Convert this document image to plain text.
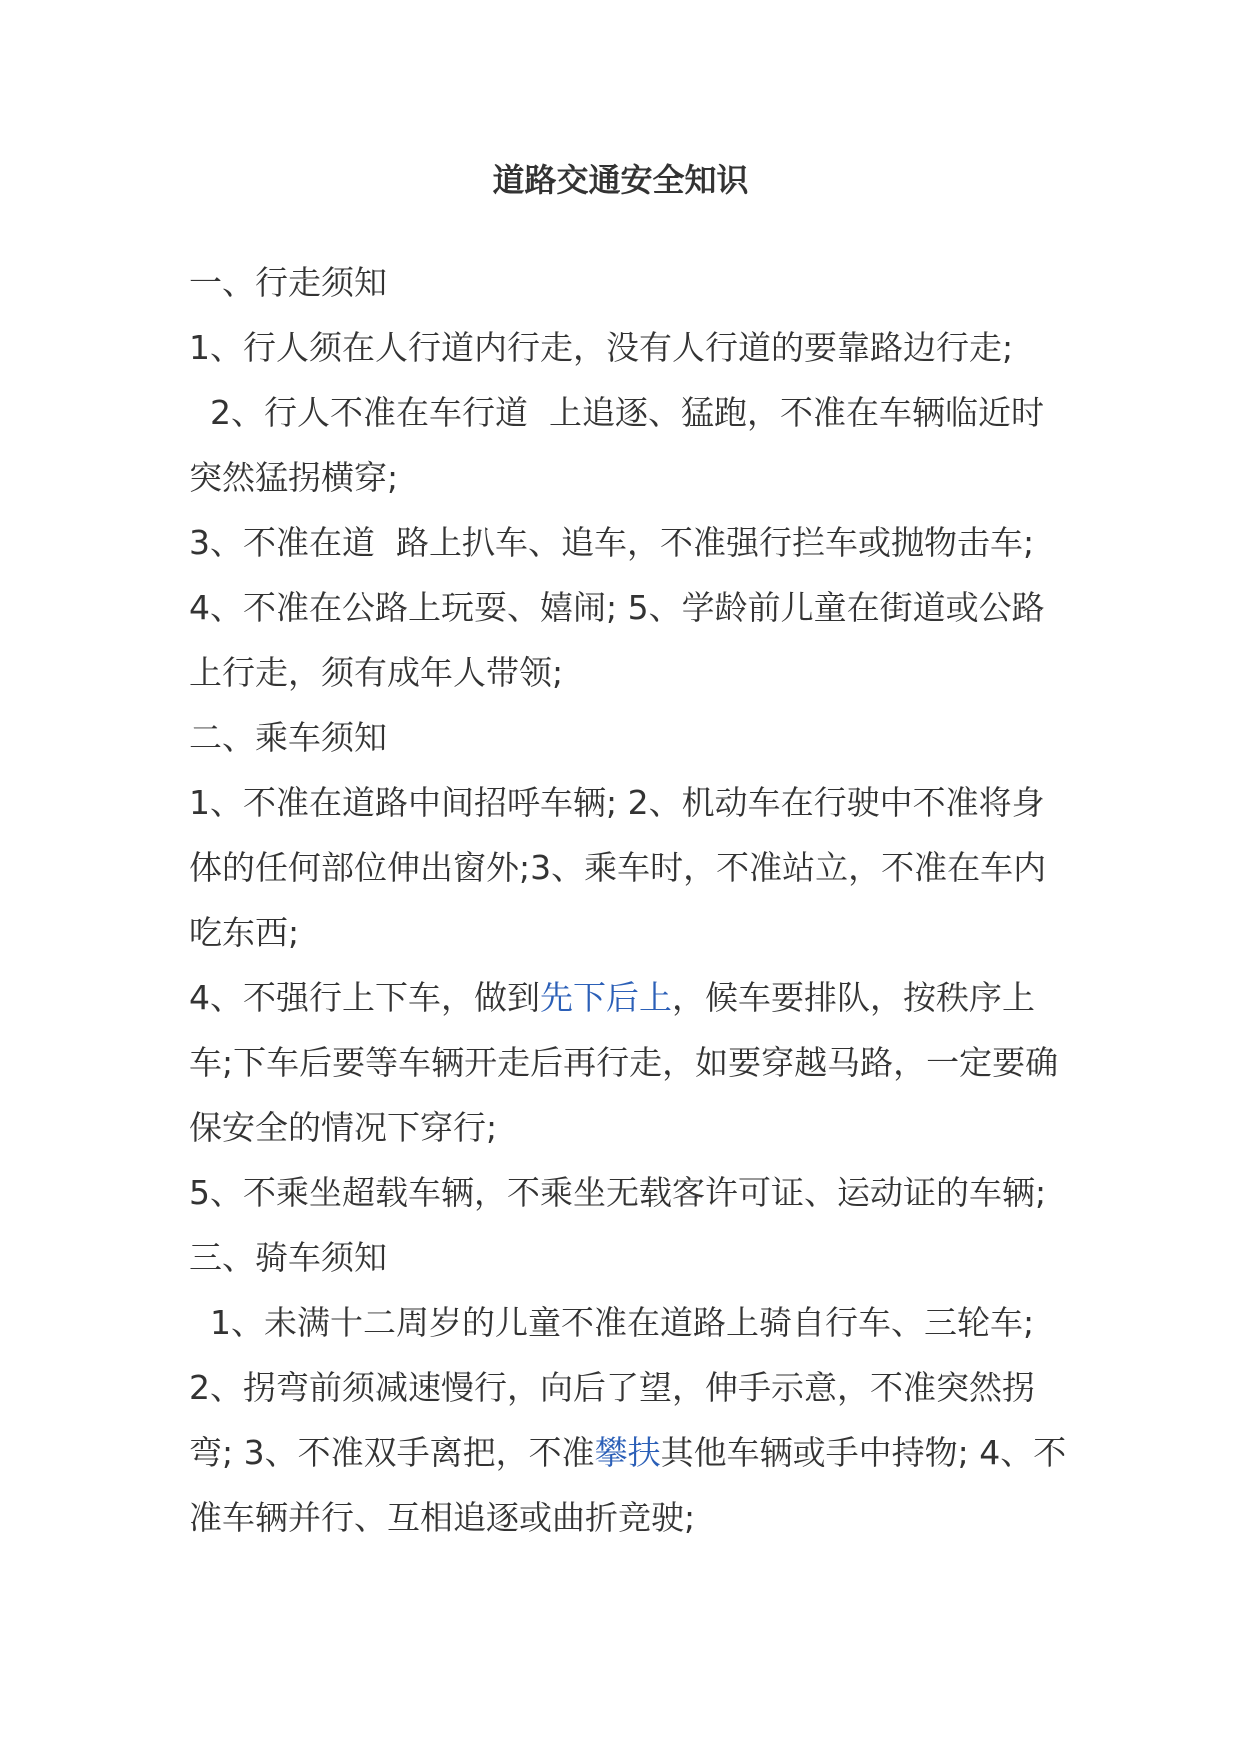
道路交通安全知识
一、行走须知
1、行人须在人行道内行走，没有人行道的要靠路边行走;
2、行人不准在车行道  上追逐、猛跑，不准在车辆临近时
突然猛拐横穿;
3、不准在道  路上扒车、追车，不准强行拦车或抛物击车;
4、不准在公路上玩耍、嬉闹; 5、学龄前儿童在街道或公路
上行走，须有成年人带领;
二、乘车须知
1、不准在道路中间招呼车辆; 2、机动车在行驶中不准将身
体的任何部位伸出窗外;3、乘车时，不准站立，不准在车内
吃东西;
4、不强行上下车，做到先下后上，候车要排队，按秩序上
车;下车后要等车辆开走后再行走，如要穿越马路，一定要确
保安全的情况下穿行;
5、不乘坐超载车辆，不乘坐无载客许可证、运动证的车辆;
三、骑车须知
1、未满十二周岁的儿童不准在道路上骑自行车、三轮车;
2、拐弯前须减速慢行，向后了望，伸手示意，不准突然拐
弯; 3、不准双手离把，不准攀扶其他车辆或手中持物; 4、不
准车辆并行、互相追逐或曲折竞驶;
